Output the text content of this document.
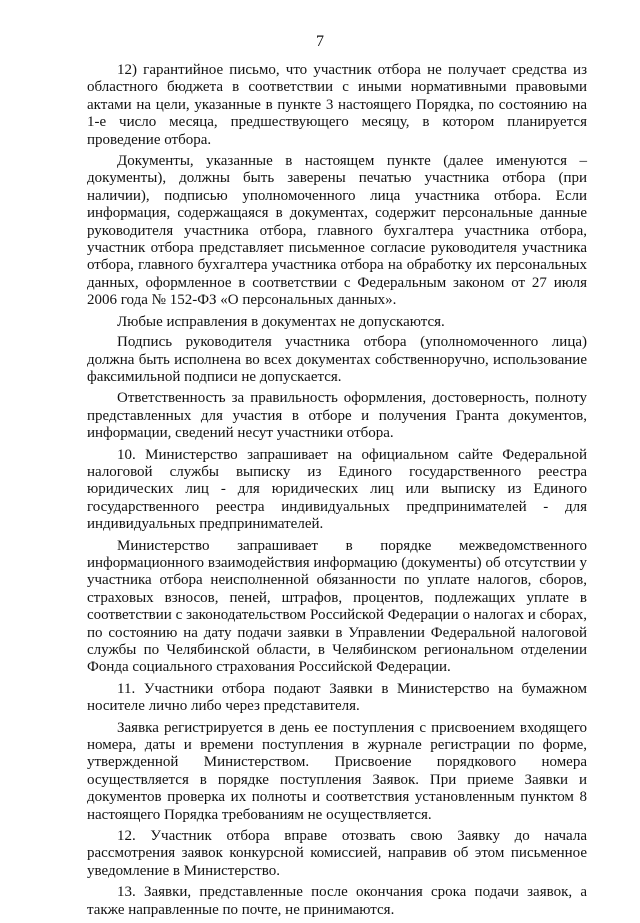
7

12) гарантийное письмо, что участник отбора не получает средства из областного бюджета в соответствии с иными нормативными правовыми актами на цели, указанные в пункте 3 настоящего Порядка, по состоянию на 1-е число месяца, предшествующего месяцу, в котором планируется проведение отбора.

Документы, указанные в настоящем пункте (далее именуются – документы), должны быть заверены печатью участника отбора (при наличии), подписью уполномоченного лица участника отбора. Если информация, содержащаяся в документах, содержит персональные данные руководителя участника отбора, главного бухгалтера участника отбора, участник отбора представляет письменное согласие руководителя участника отбора, главного бухгалтера участника отбора на обработку их персональных данных, оформленное в соответствии с Федеральным законом от 27 июля 2006 года № 152-ФЗ «О персональных данных».

Любые исправления в документах не допускаются.

Подпись руководителя участника отбора (уполномоченного лица) должна быть исполнена во всех документах собственноручно, использование факсимильной подписи не допускается.

Ответственность за правильность оформления, достоверность, полноту представленных для участия в отборе и получения Гранта документов, информации, сведений несут участники отбора.

10. Министерство запрашивает на официальном сайте Федеральной налоговой службы выписку из Единого государственного реестра юридических лиц - для юридических лиц или выписку из Единого государственного реестра индивидуальных предпринимателей - для индивидуальных предпринимателей.

Министерство запрашивает в порядке межведомственного информационного взаимодействия информацию (документы) об отсутствии у участника отбора неисполненной обязанности по уплате налогов, сборов, страховых взносов, пеней, штрафов, процентов, подлежащих уплате в соответствии с законодательством Российской Федерации о налогах и сборах, по состоянию на дату подачи заявки в Управлении Федеральной налоговой службы по Челябинской области, в Челябинском региональном отделении Фонда социального страхования Российской Федерации.

11. Участники отбора подают Заявки в Министерство на бумажном носителе лично либо через представителя.

Заявка регистрируется в день ее поступления с присвоением входящего номера, даты и времени поступления в журнале регистрации по форме, утвержденной Министерством. Присвоение порядкового номера осуществляется в порядке поступления Заявок. При приеме Заявки и документов проверка их полноты и соответствия установленным пунктом 8 настоящего Порядка требованиям не осуществляется.

12. Участник отбора вправе отозвать свою Заявку до начала рассмотрения заявок конкурсной комиссией, направив об этом письменное уведомление в Министерство.

13. Заявки, представленные после окончания срока подачи заявок, а также направленные по почте, не принимаются.
